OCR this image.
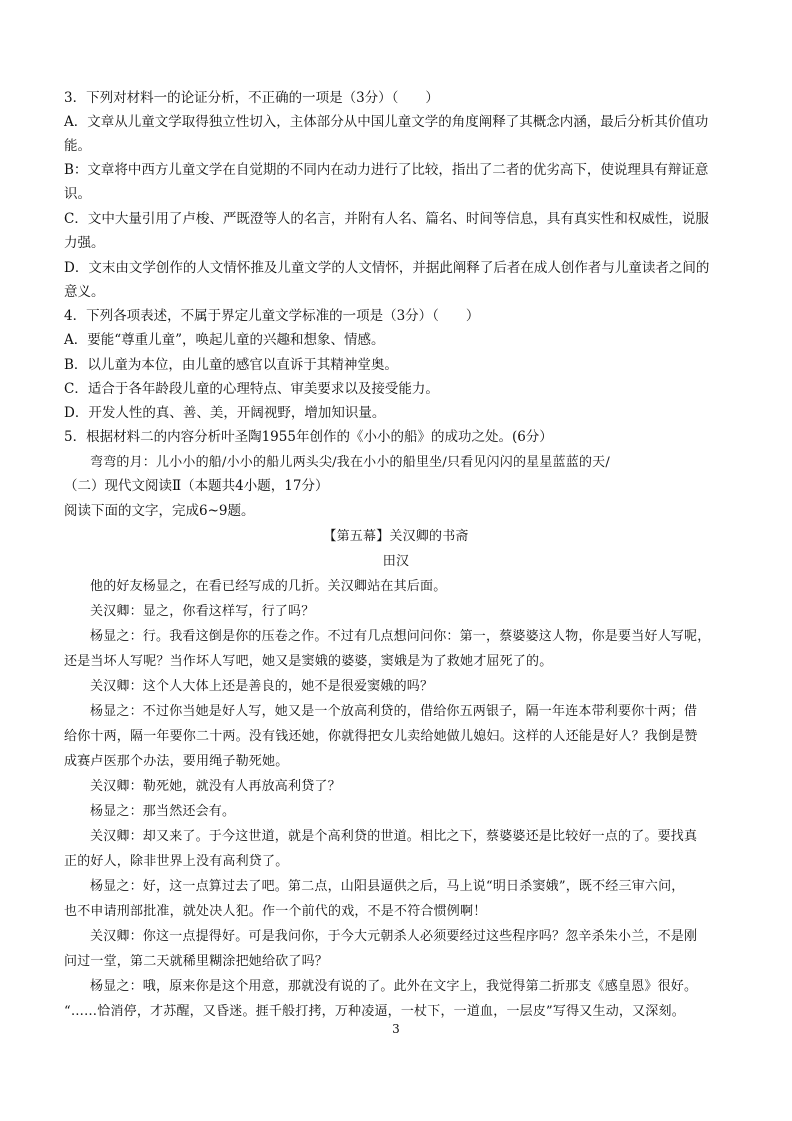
3．下列对材料一的论证分析，不正确的一项是（3分）（　　）
A．文章从儿童文学取得独立性切入，主体部分从中国儿童文学的角度阐释了其概念内涵，最后分析其价值功
能。
B：文章将中西方儿童文学在自觉期的不同内在动力进行了比较，指出了二者的优劣高下，使说理具有辩证意
识。
C．文中大量引用了卢梭、严既澄等人的名言，并附有人名、篇名、时间等信息，具有真实性和权威性，说服
力强。
D．文末由文学创作的人文情怀推及儿童文学的人文情怀，并据此阐释了后者在成人创作者与儿童读者之间的
意义。
4．下列各项表述，不属于界定儿童文学标准的一项是（3分）（　　）
A．要能“尊重儿童”，唤起儿童的兴趣和想象、情感。
B．以儿童为本位，由儿童的感官以直诉于其精神堂奥。
C．适合于各年龄段儿童的心理特点、审美要求以及接受能力。
D．开发人性的真、善、美，开阔视野，增加知识量。
5．根据材料二的内容分析叶圣陶1955年创作的《小小的船》的成功之处。(6分）
弯弯的月：儿小小的船/小小的船儿两头尖/我在小小的船里坐/只看见闪闪的星星蓝蓝的天/
（二）现代文阅读Ⅱ（本题共4小题，17分）
阅读下面的文字，完成6~9题。
【第五幕】关汉卿的书斋
田汉
他的好友杨显之，在看已经写成的几折。关汉卿站在其后面。
关汉卿：显之，你看这样写，行了吗？
杨显之：行。我看这倒是你的压卷之作。不过有几点想问问你：第一，蔡婆婆这人物，你是要当好人写呢，
还是当坏人写呢？当作坏人写吧，她又是窦娥的婆婆，窦娥是为了救她才屈死了的。
关汉卿：这个人大体上还是善良的，她不是很爱窦娥的吗？
杨显之：不过你当她是好人写，她又是一个放高利贷的，借给你五两银子，隔一年连本带利要你十两；借
给你十两，隔一年要你二十两。没有钱还她，你就得把女儿卖给她做儿媳妇。这样的人还能是好人？我倒是赞
成赛卢医那个办法，要用绳子勒死她。
关汉卿：勒死她，就没有人再放高利贷了？
杨显之：那当然还会有。
关汉卿：却又来了。于今这世道，就是个高利贷的世道。相比之下，蔡婆婆还是比较好一点的了。要找真
正的好人，除非世界上没有高利贷了。
杨显之：好，这一点算过去了吧。第二点，山阳县逼供之后，马上说“明日杀窦娥”，既不经三审六问，
也不申请刑部批准，就处决人犯。作一个前代的戏，不是不符合惯例啊！
关汉卿：你这一点提得好。可是我问你，于今大元朝杀人必须要经过这些程序吗？忽辛杀朱小兰，不是刚
问过一堂，第二天就稀里糊涂把她给砍了吗？
杨显之：哦，原来你是这个用意，那就没有说的了。此外在文字上，我觉得第二折那支《感皇恩》很好。
“……恰消停，才苏醒，又昏迷。捱千般打拷，万种凌逼，一杖下，一道血，一层皮”写得又生动，又深刻。
3
